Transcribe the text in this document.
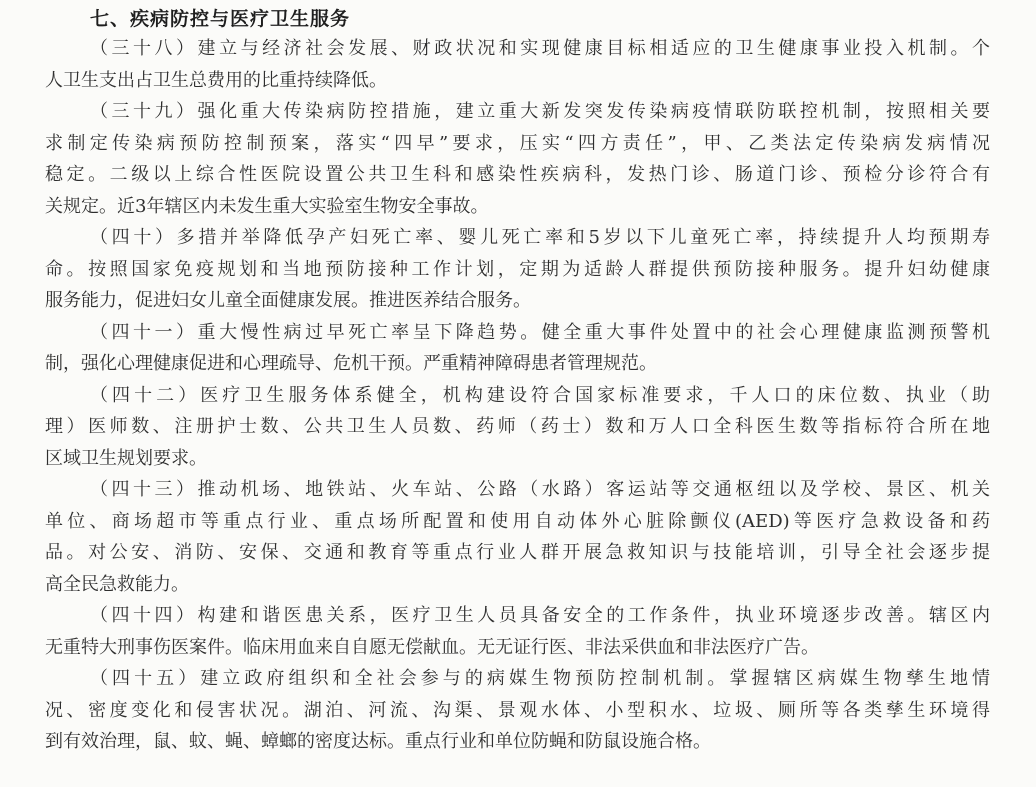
七、疾病防控与医疗卫生服务
（三十八）建立与经济社会发展、财政状况和实现健康目标相适应的卫生健康事业投入机制。个
人卫生支出占卫生总费用的比重持续降低。
（三十九）强化重大传染病防控措施，建立重大新发突发传染病疫情联防联控机制，按照相关要
求制定传染病预防控制预案，落实“四早”要求，压实“四方责任”，甲、乙类法定传染病发病情况
稳定。二级以上综合性医院设置公共卫生科和感染性疾病科，发热门诊、肠道门诊、预检分诊符合有
关规定。近3年辖区内未发生重大实验室生物安全事故。
（四十）多措并举降低孕产妇死亡率、婴儿死亡率和5岁以下儿童死亡率，持续提升人均预期寿
命。按照国家免疫规划和当地预防接种工作计划，定期为适龄人群提供预防接种服务。提升妇幼健康
服务能力，促进妇女儿童全面健康发展。推进医养结合服务。
（四十一）重大慢性病过早死亡率呈下降趋势。健全重大事件处置中的社会心理健康监测预警机
制，强化心理健康促进和心理疏导、危机干预。严重精神障碍患者管理规范。
（四十二）医疗卫生服务体系健全，机构建设符合国家标准要求，千人口的床位数、执业（助
理）医师数、注册护士数、公共卫生人员数、药师（药士）数和万人口全科医生数等指标符合所在地
区域卫生规划要求。
（四十三）推动机场、地铁站、火车站、公路（水路）客运站等交通枢纽以及学校、景区、机关
单位、商场超市等重点行业、重点场所配置和使用自动体外心脏除颤仪(AED)等医疗急救设备和药
品。对公安、消防、安保、交通和教育等重点行业人群开展急救知识与技能培训，引导全社会逐步提
高全民急救能力。
（四十四）构建和谐医患关系，医疗卫生人员具备安全的工作条件，执业环境逐步改善。辖区内
无重特大刑事伤医案件。临床用血来自自愿无偿献血。无无证行医、非法采供血和非法医疗广告。
（四十五）建立政府组织和全社会参与的病媒生物预防控制机制。掌握辖区病媒生物孳生地情
况、密度变化和侵害状况。湖泊、河流、沟渠、景观水体、小型积水、垃圾、厕所等各类孳生环境得
到有效治理，鼠、蚊、蝇、蟑螂的密度达标。重点行业和单位防蝇和防鼠设施合格。
